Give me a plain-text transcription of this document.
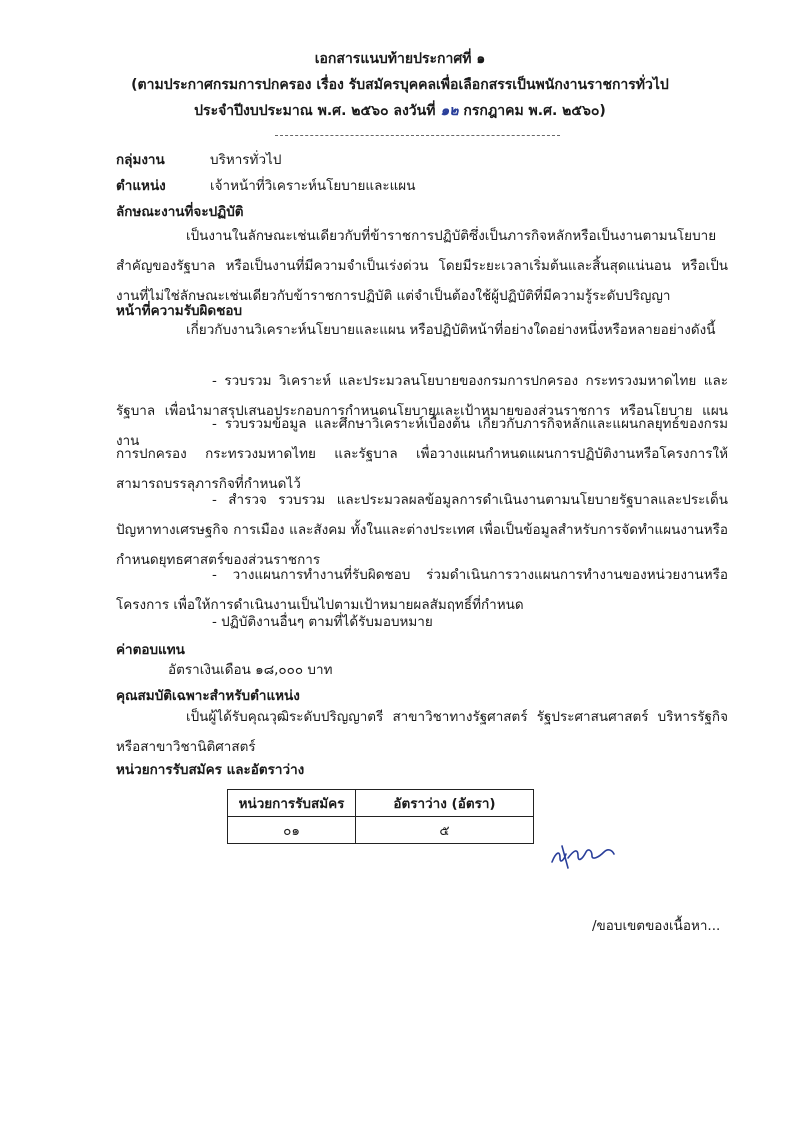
เอกสารแนบท้ายประกาศที่ ๑
(ตามประกาศกรมการปกครอง เรื่อง รับสมัครบุคคลเพื่อเลือกสรรเป็นพนักงานราชการทั่วไป
ประจำปีงบประมาณ พ.ศ. ๒๕๖๐ ลงวันที่ ๑๒ กรกฎาคม พ.ศ. ๒๕๖๐)
กลุ่มงาน	บริหารทั่วไป
ตำแหน่ง	เจ้าหน้าที่วิเคราะห์นโยบายและแผน
ลักษณะงานที่จะปฏิบัติ
เป็นงานในลักษณะเช่นเดียวกับที่ข้าราชการปฏิบัติซึ่งเป็นภารกิจหลักหรือเป็นงานตามนโยบายสำคัญของรัฐบาล หรือเป็นงานที่มีความจำเป็นเร่งด่วน โดยมีระยะเวลาเริ่มต้นและสิ้นสุดแน่นอน หรือเป็นงานที่ไม่ใช่ลักษณะเช่นเดียวกับข้าราชการปฏิบัติ แต่จำเป็นต้องใช้ผู้ปฏิบัติที่มีความรู้ระดับปริญญา
หน้าที่ความรับผิดชอบ
เกี่ยวกับงานวิเคราะห์นโยบายและแผน หรือปฏิบัติหน้าที่อย่างใดอย่างหนึ่งหรือหลายอย่างดังนี้
- รวบรวม วิเคราะห์ และประมวลนโยบายของกรมการปกครอง กระทรวงมหาดไทย และรัฐบาล เพื่อนำมาสรุปเสนอประกอบการกำหนดนโยบายและเป้าหมายของส่วนราชการ หรือนโยบาย แผนงาน
- รวบรวมข้อมูล และศึกษาวิเคราะห์เบื้องต้น เกี่ยวกับภารกิจหลักและแผนกลยุทธ์ของกรมการปกครอง กระทรวงมหาดไทย และรัฐบาล เพื่อวางแผนกำหนดแผนการปฏิบัติงานหรือโครงการให้สามารถบรรลุภารกิจที่กำหนดไว้
- สำรวจ รวบรวม และประมวลผลข้อมูลการดำเนินงานตามนโยบายรัฐบาลและประเด็นปัญหาทางเศรษฐกิจ การเมือง และสังคม ทั้งในและต่างประเทศ เพื่อเป็นข้อมูลสำหรับการจัดทำแผนงานหรือกำหนดยุทธศาสตร์ของส่วนราชการ
- วางแผนการทำงานที่รับผิดชอบ ร่วมดำเนินการวางแผนการทำงานของหน่วยงานหรือโครงการ เพื่อให้การดำเนินงานเป็นไปตามเป้าหมายผลสัมฤทธิ์ที่กำหนด
- ปฏิบัติงานอื่นๆ ตามที่ได้รับมอบหมาย
ค่าตอบแทน
อัตราเงินเดือน ๑๘,๐๐๐ บาท
คุณสมบัติเฉพาะสำหรับตำแหน่ง
เป็นผู้ได้รับคุณวุฒิระดับปริญญาตรี สาขาวิชาทางรัฐศาสตร์ รัฐประศาสนศาสตร์ บริหารรัฐกิจหรือสาขาวิชานิติศาสตร์
หน่วยการรับสมัคร และอัตราว่าง
หน่วยการรับสมัคร	อัตราว่าง (อัตรา)
๐๑	๕
/ขอบเขตของเนื้อหา...
